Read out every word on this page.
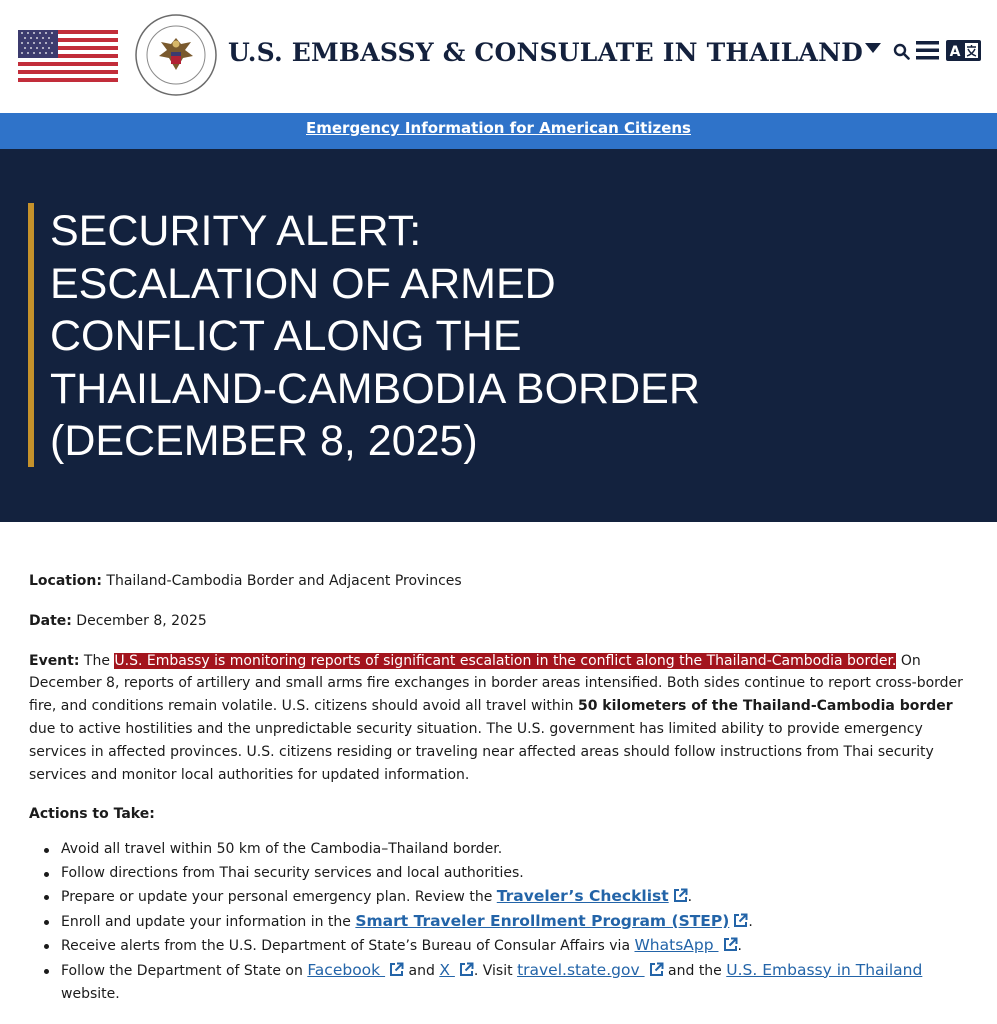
U.S. EMBASSY & CONSULATE IN THAILAND	A
Emergency Information for American Citizens
SECURITY ALERT:
ESCALATION OF ARMED
CONFLICT ALONG THE
THAILAND-CAMBODIA BORDER
(DECEMBER 8, 2025)

Location: Thailand-Cambodia Border and Adjacent Provinces

Date: December 8, 2025

Event: The U.S. Embassy is monitoring reports of significant escalation in the conflict along the Thailand-Cambodia border. On December 8, reports of artillery and small arms fire exchanges in border areas intensified. Both sides continue to report cross-border fire, and conditions remain volatile. U.S. citizens should avoid all travel within 50 kilometers of the Thailand-Cambodia border due to active hostilities and the unpredictable security situation. The U.S. government has limited ability to provide emergency services in affected provinces. U.S. citizens residing or traveling near affected areas should follow instructions from Thai security services and monitor local authorities for updated information.

Actions to Take:

Avoid all travel within 50 km of the Cambodia–Thailand border.
Follow directions from Thai security services and local authorities.
Prepare or update your personal emergency plan. Review the Traveler’s Checklist .
Enroll and update your information in the Smart Traveler Enrollment Program (STEP) .
Receive alerts from the U.S. Department of State’s Bureau of Consular Affairs via WhatsApp .
Follow the Department of State on Facebook  and X . Visit travel.state.gov  and the U.S. Embassy in Thailand website.
